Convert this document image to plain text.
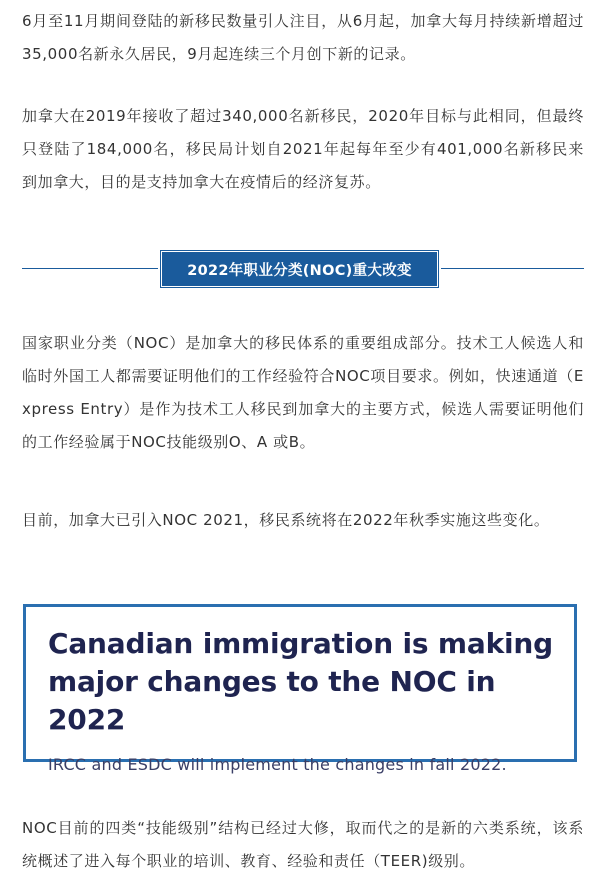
6月至11月期间登陆的新移民数量引人注目，从6月起，加拿大每月持续新增超过35,000名新永久居民，9月起连续三个月创下新的记录。

加拿大在2019年接收了超过340,000名新移民，2020年目标与此相同，但最终只登陆了184,000名，移民局计划自2021年起每年至少有401,000名新移民来到加拿大，目的是支持加拿大在疫情后的经济复苏。

2022年职业分类(NOC)重大改变

国家职业分类（NOC）是加拿大的移民体系的重要组成部分。技术工人候选人和临时外国工人都需要证明他们的工作经验符合NOC项目要求。例如，快速通道（Express Entry）是作为技术工人移民到加拿大的主要方式，候选人需要证明他们的工作经验属于NOC技能级别O、A 或B。

目前，加拿大已引入NOC 2021，移民系统将在2022年秋季实施这些变化。

Canadian immigration is making major changes to the NOC in 2022

IRCC and ESDC will implement the changes in fall 2022.

NOC目前的四类“技能级别”结构已经过大修，取而代之的是新的六类系统，该系统概述了进入每个职业的培训、教育、经验和责任（TEER)级别。
